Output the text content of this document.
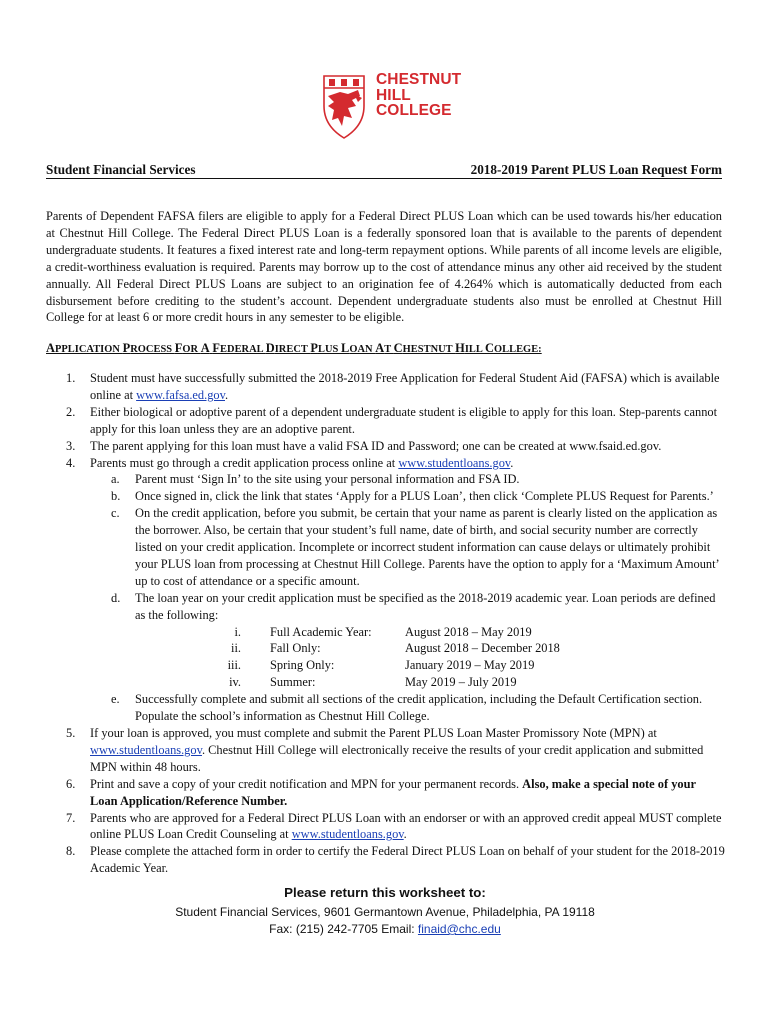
CHESTNUT
HILL
COLLEGE
Student Financial Services	2018-2019 Parent PLUS Loan Request Form

Parents of Dependent FAFSA filers are eligible to apply for a Federal Direct PLUS Loan which can be used towards his/her education at Chestnut Hill College. The Federal Direct PLUS Loan is a federally sponsored loan that is available to the parents of dependent undergraduate students. It features a fixed interest rate and long-term repayment options. While parents of all income levels are eligible, a credit-worthiness evaluation is required. Parents may borrow up to the cost of attendance minus any other aid received by the student annually. All Federal Direct PLUS Loans are subject to an origination fee of 4.264% which is automatically deducted from each disbursement before crediting to the student’s account. Dependent undergraduate students also must be enrolled at Chestnut Hill College for at least 6 or more credit hours in any semester to be eligible.

APPLICATION PROCESS FOR A FEDERAL DIRECT PLUS LOAN AT CHESTNUT HILL COLLEGE:
1. Student must have successfully submitted the 2018-2019 Free Application for Federal Student Aid (FAFSA) which is available online at www.fafsa.ed.gov.
2. Either biological or adoptive parent of a dependent undergraduate student is eligible to apply for this loan. Step-parents cannot apply for this loan unless they are an adoptive parent.
3. The parent applying for this loan must have a valid FSA ID and Password; one can be created at www.fsaid.ed.gov.
4. Parents must go through a credit application process online at www.studentloans.gov.
a. Parent must ‘Sign In’ to the site using your personal information and FSA ID.
b. Once signed in, click the link that states ‘Apply for a PLUS Loan’, then click ‘Complete PLUS Request for Parents.’
c. On the credit application, before you submit, be certain that your name as parent is clearly listed on the application as the borrower. Also, be certain that your student’s full name, date of birth, and social security number are correctly listed on your credit application. Incomplete or incorrect student information can cause delays or ultimately prohibit your PLUS loan from processing at Chestnut Hill College. Parents have the option to apply for a ‘Maximum Amount’ up to cost of attendance or a specific amount.
d. The loan year on your credit application must be specified as the 2018-2019 academic year. Loan periods are defined as the following:
i. Full Academic Year:	August 2018 – May 2019
ii. Fall Only:	August 2018 – December 2018
iii. Spring Only:	January 2019 – May 2019
iv. Summer:	May 2019 – July 2019
e. Successfully complete and submit all sections of the credit application, including the Default Certification section. Populate the school’s information as Chestnut Hill College.
5. If your loan is approved, you must complete and submit the Parent PLUS Loan Master Promissory Note (MPN) at www.studentloans.gov. Chestnut Hill College will electronically receive the results of your credit application and submitted MPN within 48 hours.
6. Print and save a copy of your credit notification and MPN for your permanent records. Also, make a special note of your Loan Application/Reference Number.
7. Parents who are approved for a Federal Direct PLUS Loan with an endorser or with an approved credit appeal MUST complete online PLUS Loan Credit Counseling at www.studentloans.gov.
8. Please complete the attached form in order to certify the Federal Direct PLUS Loan on behalf of your student for the 2018-2019 Academic Year.
Please return this worksheet to:
Student Financial Services, 9601 Germantown Avenue, Philadelphia, PA 19118
Fax: (215) 242-7705 Email: finaid@chc.edu
